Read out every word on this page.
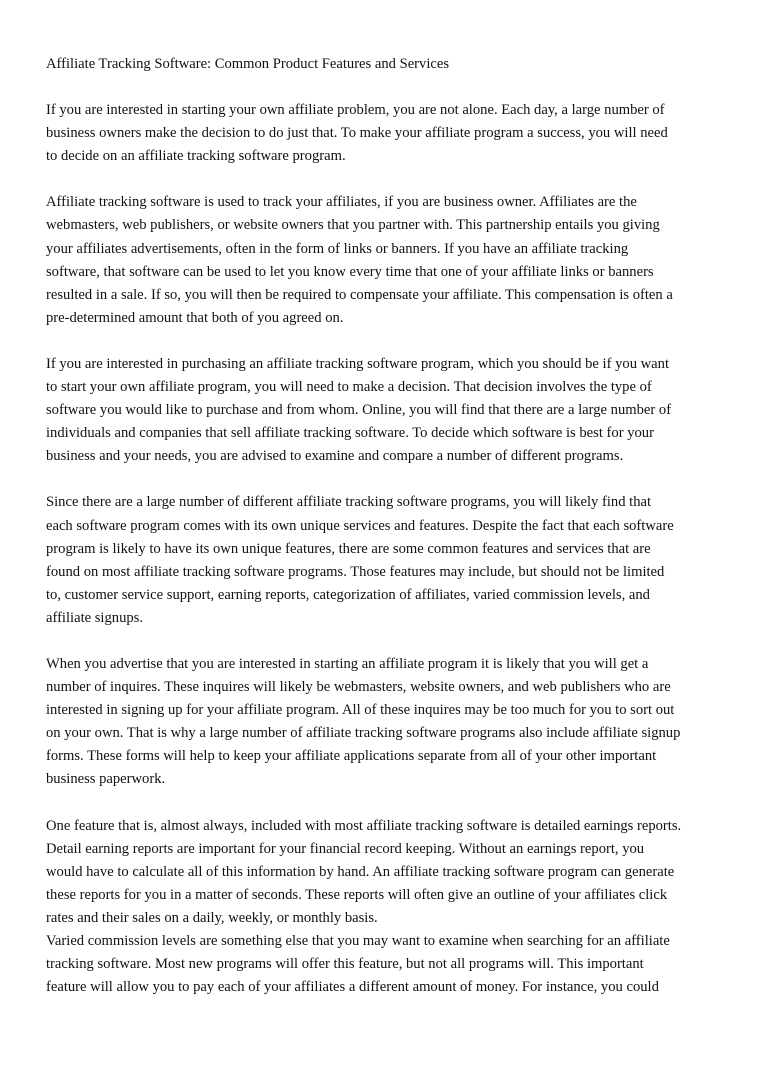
Affiliate Tracking Software: Common Product Features and Services
If you are interested in starting your own affiliate problem, you are not alone. Each day, a large number of
business owners make the decision to do just that. To make your affiliate program a success, you will need
to decide on an affiliate tracking software program.
Affiliate tracking software is used to track your affiliates, if you are business owner. Affiliates are the
webmasters, web publishers, or website owners that you partner with. This partnership entails you giving
your affiliates advertisements, often in the form of links or banners. If you have an affiliate tracking
software, that software can be used to let you know every time that one of your affiliate links or banners
resulted in a sale. If so, you will then be required to compensate your affiliate. This compensation is often a
pre-determined amount that both of you agreed on.
If you are interested in purchasing an affiliate tracking software program, which you should be if you want
to start your own affiliate program, you will need to make a decision. That decision involves the type of
software you would like to purchase and from whom. Online, you will find that there are a large number of
individuals and companies that sell affiliate tracking software. To decide which software is best for your
business and your needs, you are advised to examine and compare a number of different programs.
Since there are a large number of different affiliate tracking software programs, you will likely find that
each software program comes with its own unique services and features. Despite the fact that each software
program is likely to have its own unique features, there are some common features and services that are
found on most affiliate tracking software programs. Those features may include, but should not be limited
to, customer service support, earning reports, categorization of affiliates, varied commission levels, and
affiliate signups.
When you advertise that you are interested in starting an affiliate program it is likely that you will get a
number of inquires. These inquires will likely be webmasters, website owners, and web publishers who are
interested in signing up for your affiliate program. All of these inquires may be too much for you to sort out
on your own. That is why a large number of affiliate tracking software programs also include affiliate signup
forms. These forms will help to keep your affiliate applications separate from all of your other important
business paperwork.
One feature that is, almost always, included with most affiliate tracking software is detailed earnings reports.
Detail earning reports are important for your financial record keeping. Without an earnings report, you
would have to calculate all of this information by hand. An affiliate tracking software program can generate
these reports for you in a matter of seconds. These reports will often give an outline of your affiliates click
rates and their sales on a daily, weekly, or monthly basis.
Varied commission levels are something else that you may want to examine when searching for an affiliate
tracking software. Most new programs will offer this feature, but not all programs will. This important
feature will allow you to pay each of your affiliates a different amount of money. For instance, you could
